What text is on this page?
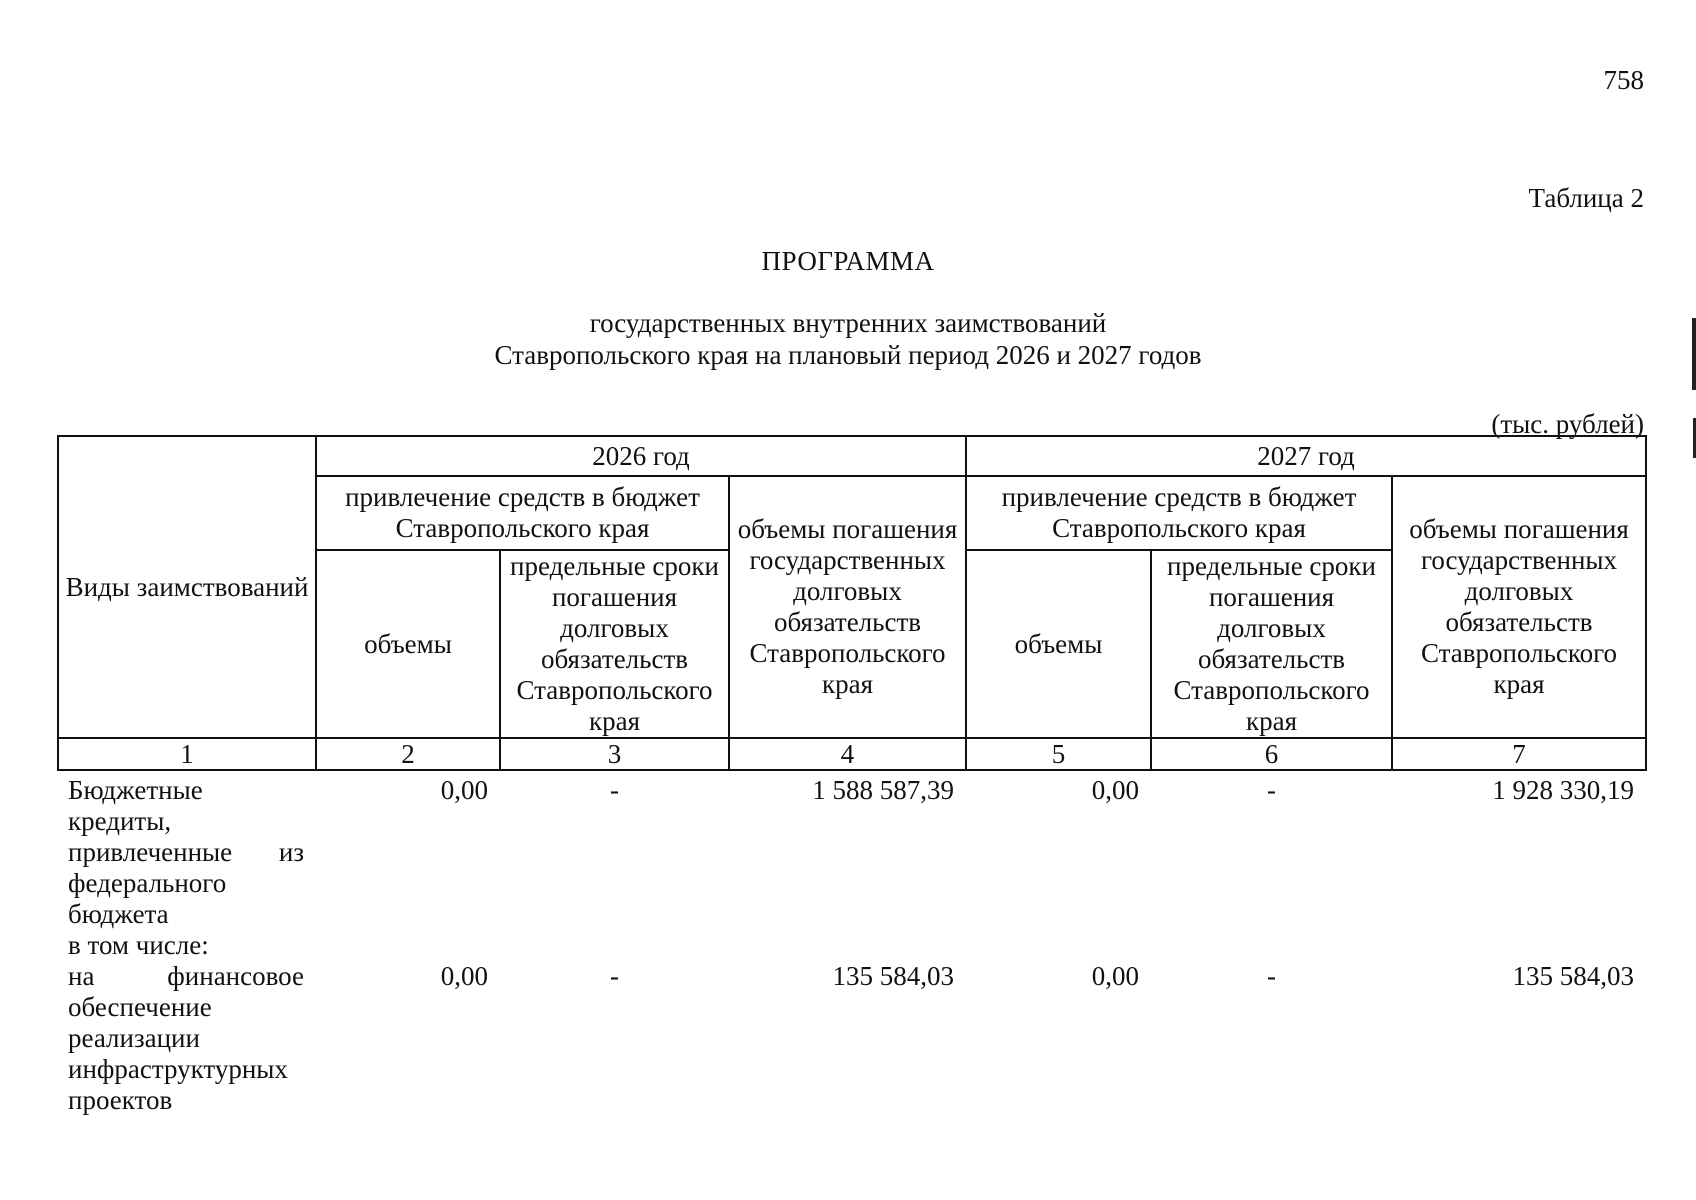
758
Таблица 2
ПРОГРАММА
государственных внутренних заимствований
Ставропольского края на плановый период 2026 и 2027 годов
(тыс. рублей)
Виды заимствований	2026 год			2027 год		
	привлечение средств в бюджет Ставропольского края		объемы погашения государственных долговых обязательств Ставропольского края	привлечение средств в бюджет Ставропольского края		объемы погашения государственных долговых обязательств Ставропольского края
	объемы	предельные сроки погашения долговых обязательств Ставропольского края		объемы	предельные сроки погашения долговых обязательств Ставропольского края	
1	2	3	4	5	6	7
Бюджетные кредиты, привлеченные из федерального бюджета	0,00	-	1 588 587,39	0,00	-	1 928 330,19
в том числе:						
на финансовое обеспечение реализации инфраструктурных проектов	0,00	-	135 584,03	0,00	-	135 584,03
